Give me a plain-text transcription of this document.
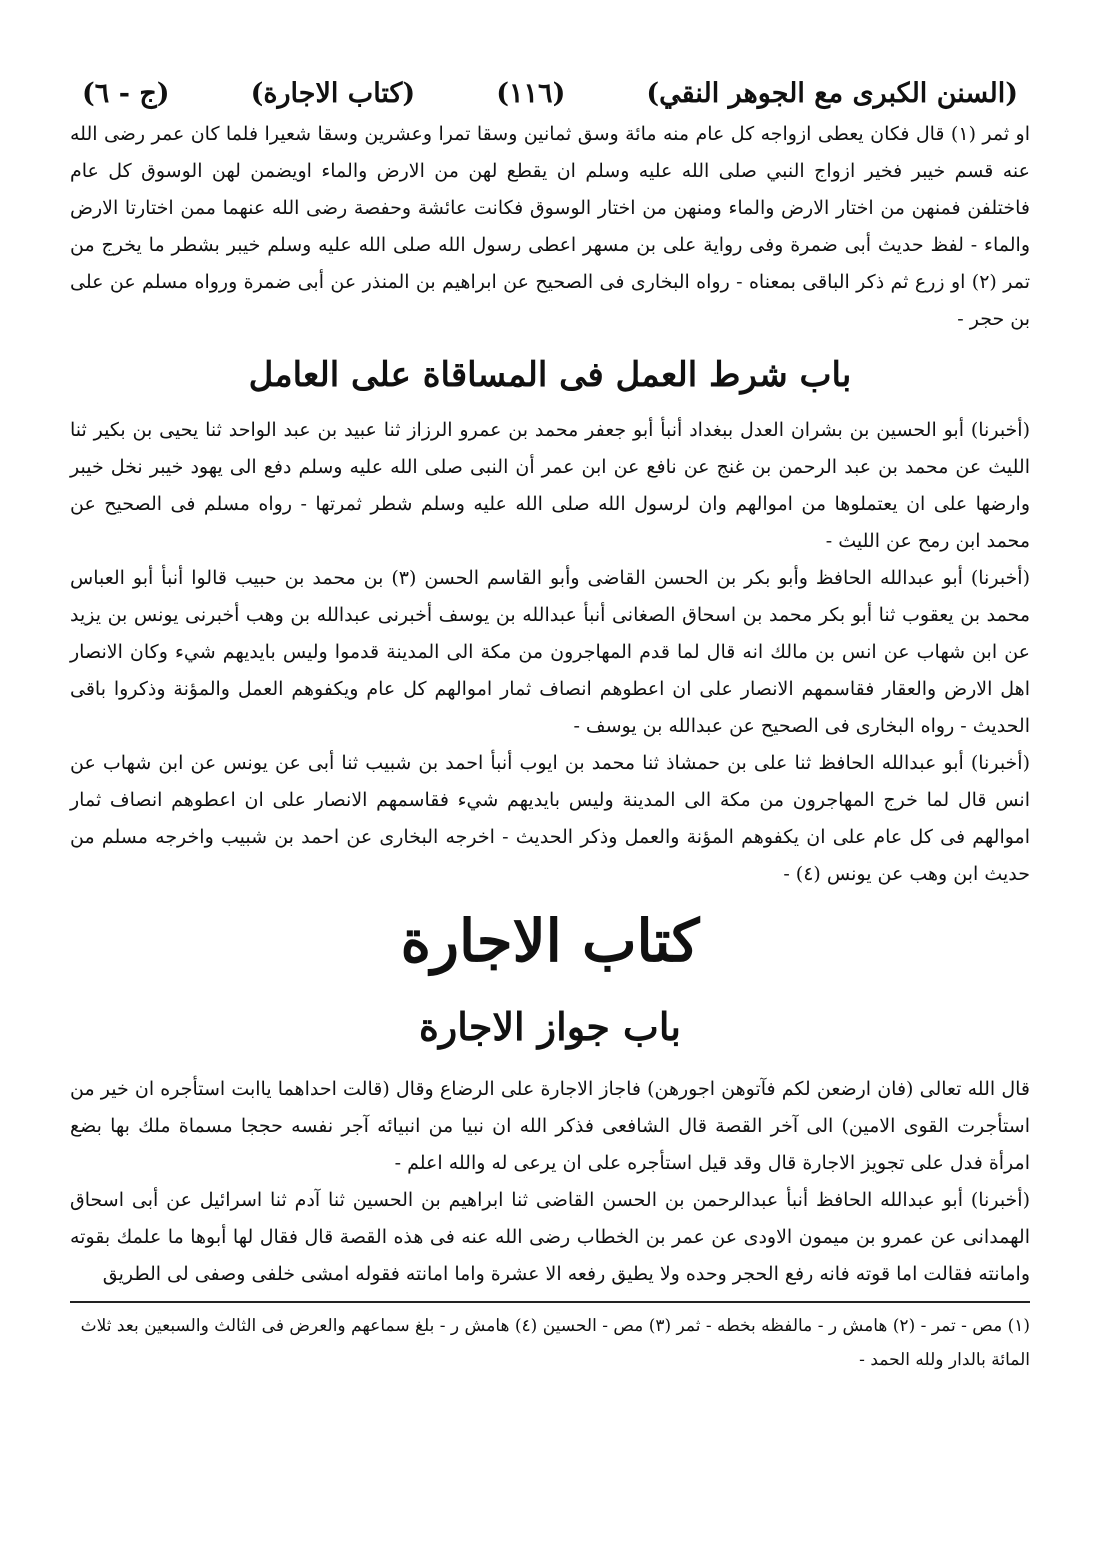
(السنن الكبرى مع الجوهر النقي)
(١١٦)
(كتاب الاجارة)
(ج - ٦)

او ثمر (١) قال فكان يعطى ازواجه كل عام منه مائة وسق ثمانين وسقا تمرا وعشرين وسقا شعيرا فلما كان عمر رضى الله عنه قسم خيبر فخير ازواج النبي صلى الله عليه وسلم ان يقطع لهن من الارض والماء اويضمن لهن الوسوق كل عام فاختلفن فمنهن من اختار الارض والماء ومنهن من اختار الوسوق فكانت عائشة وحفصة رضى الله عنهما ممن اختارتا الارض والماء - لفظ حديث أبى ضمرة وفى رواية على بن مسهر اعطى رسول الله صلى الله عليه وسلم خيبر بشطر ما يخرج من تمر (٢) او زرع ثم ذكر الباقى بمعناه - رواه البخارى فى الصحيح عن ابراهيم بن المنذر عن أبى ضمرة ورواه مسلم عن على بن حجر -

باب شرط العمل فى المساقاة على العامل

(أخبرنا) أبو الحسين بن بشران العدل ببغداد أنبأ أبو جعفر محمد بن عمرو الرزاز ثنا عبيد بن عبد الواحد ثنا يحيى بن بكير ثنا الليث عن محمد بن عبد الرحمن بن غنج عن نافع عن ابن عمر أن النبى صلى الله عليه وسلم دفع الى يهود خيبر نخل خيبر وارضها على ان يعتملوها من اموالهم وان لرسول الله صلى الله عليه وسلم شطر ثمرتها - رواه مسلم فى الصحيح عن محمد ابن رمح عن الليث -

(أخبرنا) أبو عبدالله الحافظ وأبو بكر بن الحسن القاضى وأبو القاسم الحسن (٣) بن محمد بن حبيب قالوا أنبأ أبو العباس محمد بن يعقوب ثنا أبو بكر محمد بن اسحاق الصغانى أنبأ عبدالله بن يوسف أخبرنى عبدالله بن وهب أخبرنى يونس بن يزيد عن ابن شهاب عن انس بن مالك انه قال لما قدم المهاجرون من مكة الى المدينة قدموا وليس بايديهم شيء وكان الانصار اهل الارض والعقار فقاسمهم الانصار على ان اعطوهم انصاف ثمار اموالهم كل عام ويكفوهم العمل والمؤنة وذكروا باقى الحديث - رواه البخارى فى الصحيح عن عبدالله بن يوسف -

(أخبرنا) أبو عبدالله الحافظ ثنا على بن حمشاذ ثنا محمد بن ايوب أنبأ احمد بن شبيب ثنا أبى عن يونس عن ابن شهاب عن انس قال لما خرج المهاجرون من مكة الى المدينة وليس بايديهم شيء فقاسمهم الانصار على ان اعطوهم انصاف ثمار اموالهم فى كل عام على ان يكفوهم المؤنة والعمل وذكر الحديث - اخرجه البخارى عن احمد بن شبيب واخرجه مسلم من حديث ابن وهب عن يونس (٤) -

كتاب الاجارة
باب جواز الاجارة

قال الله تعالى (فان ارضعن لكم فآتوهن اجورهن) فاجاز الاجارة على الرضاع وقال (قالت احداهما ياابت استأجره ان خير من استأجرت القوى الامين) الى آخر القصة قال الشافعى فذكر الله ان نبيا من انبيائه آجر نفسه حججا مسماة ملك بها بضع امرأة فدل على تجويز الاجارة قال وقد قيل استأجره على ان يرعى له والله اعلم -

(أخبرنا) أبو عبدالله الحافظ أنبأ عبدالرحمن بن الحسن القاضى ثنا ابراهيم بن الحسين ثنا آدم ثنا اسرائيل عن أبى اسحاق الهمدانى عن عمرو بن ميمون الاودى عن عمر بن الخطاب رضى الله عنه فى هذه القصة قال فقال لها أبوها ما علمك بقوته وامانته فقالت اما قوته فانه رفع الحجر وحده ولا يطيق رفعه الا عشرة واما امانته فقوله امشى خلفى وصفى لى الطريق

(١) مص - تمر - (٢) هامش ر - مالفظه بخطه - ثمر (٣) مص - الحسين (٤) هامش ر - بلغ سماعهم والعرض فى الثالث والسبعين بعد ثلاث المائة بالدار ولله الحمد -
